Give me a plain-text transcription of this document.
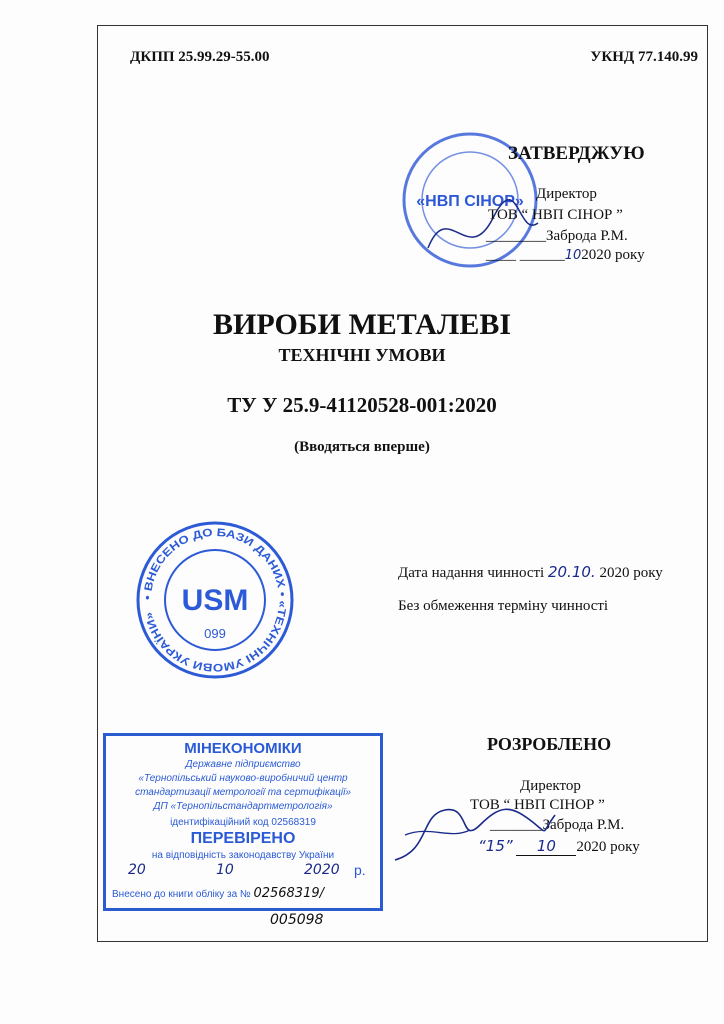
ДКПП 25.99.29-55.00	УКНД 77.140.99
«НВП СІНОР»
ЗАТВЕРДЖУЮ
Директор
ТОВ “ НВП СІНОР ”
________Заброда Р.М.
____ ______102020 року
ВИРОБИ МЕТАЛЕВІ
ТЕХНІЧНІ УМОВИ
ТУ У 25.9-41120528-001:2020
(Вводяться вперше)
• ВНЕСЕНО ДО БАЗИ ДАНИХ • «ТЕХНІЧНІ УМОВИ УКРАЇНИ» USM
099
Дата надання чинності 20.10. 2020 року
Без обмеження терміну чинності
РОЗРОБЛЕНО
Директор
ТОВ “ НВП СІНОР ”
_______Заброда Р.М.
“15” 10 2020 року
МІНЕКОНОМІКИ
Державне підприємство
«Тернопільський науково-виробничий центр
стандартизації метрології та сертифікації»
ДП «Тернопільстандартметрологія»
ідентифікаційний код 02568319
ПЕРЕВІРЕНО
на відповідність законодавству України
20	10	2020 р.
Внесено до книги обліку за № 02568319/
005098
